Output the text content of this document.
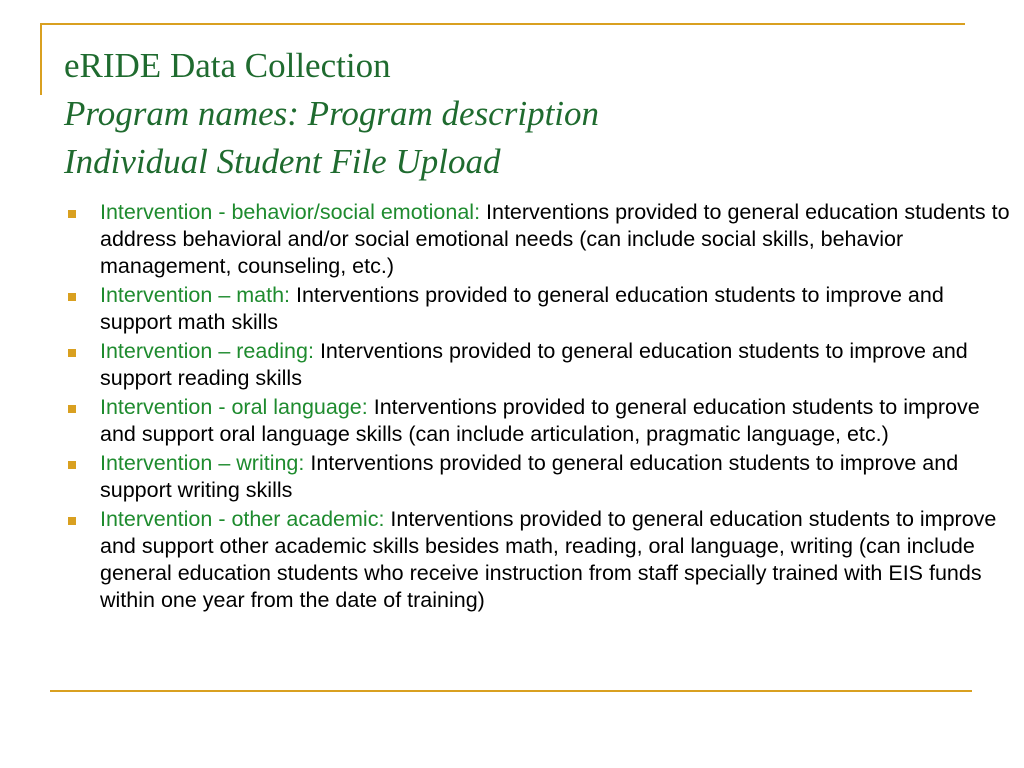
eRIDE Data Collection
Program names: Program description
Individual Student File Upload
Intervention - behavior/social emotional: Interventions provided to general education students to address behavioral and/or social emotional needs (can include social skills, behavior management, counseling, etc.)
Intervention – math: Interventions provided to general education students to improve and support math skills
Intervention – reading: Interventions provided to general education students to improve and support reading skills
Intervention - oral language: Interventions provided to general education students to improve and support oral language skills (can include articulation, pragmatic language, etc.)
Intervention – writing: Interventions provided to general education students to improve and support writing skills
Intervention - other academic: Interventions provided to general education students to improve and support other academic skills besides math, reading, oral language, writing (can include general education students who receive instruction from staff specially trained with EIS funds within one year from the date of training)
